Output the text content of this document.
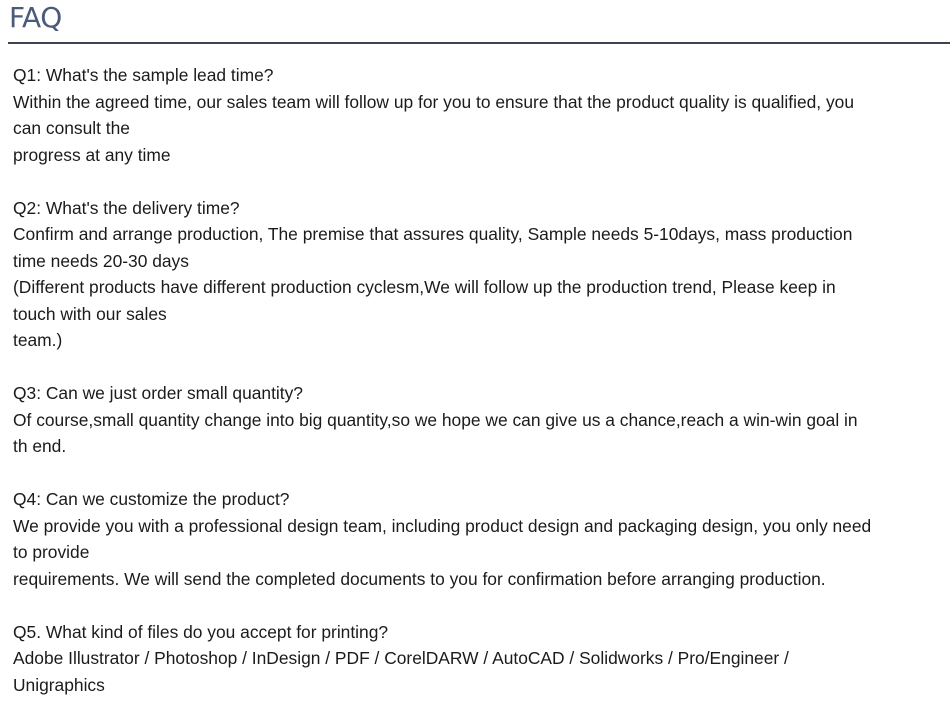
FAQ
Q1: What's the sample lead time?
Within the agreed time, our sales team will follow up for you to ensure that the product quality is qualified, you
can consult the
progress at any time
Q2: What's the delivery time?
Confirm and arrange production, The premise that assures quality, Sample needs 5-10days, mass production
time needs 20-30 days
(Different products have different production cyclesm,We will follow up the production trend, Please keep in
touch with our sales
team.)
Q3: Can we just order small quantity?
Of course,small quantity change into big quantity,so we hope we can give us a chance,reach a win-win goal in
th end.
Q4: Can we customize the product?
We provide you with a professional design team, including product design and packaging design, you only need
to provide
requirements. We will send the completed documents to you for confirmation before arranging production.
Q5. What kind of files do you accept for printing?
Adobe Illustrator / Photoshop / InDesign / PDF / CorelDARW / AutoCAD / Solidworks / Pro/Engineer /
Unigraphics
